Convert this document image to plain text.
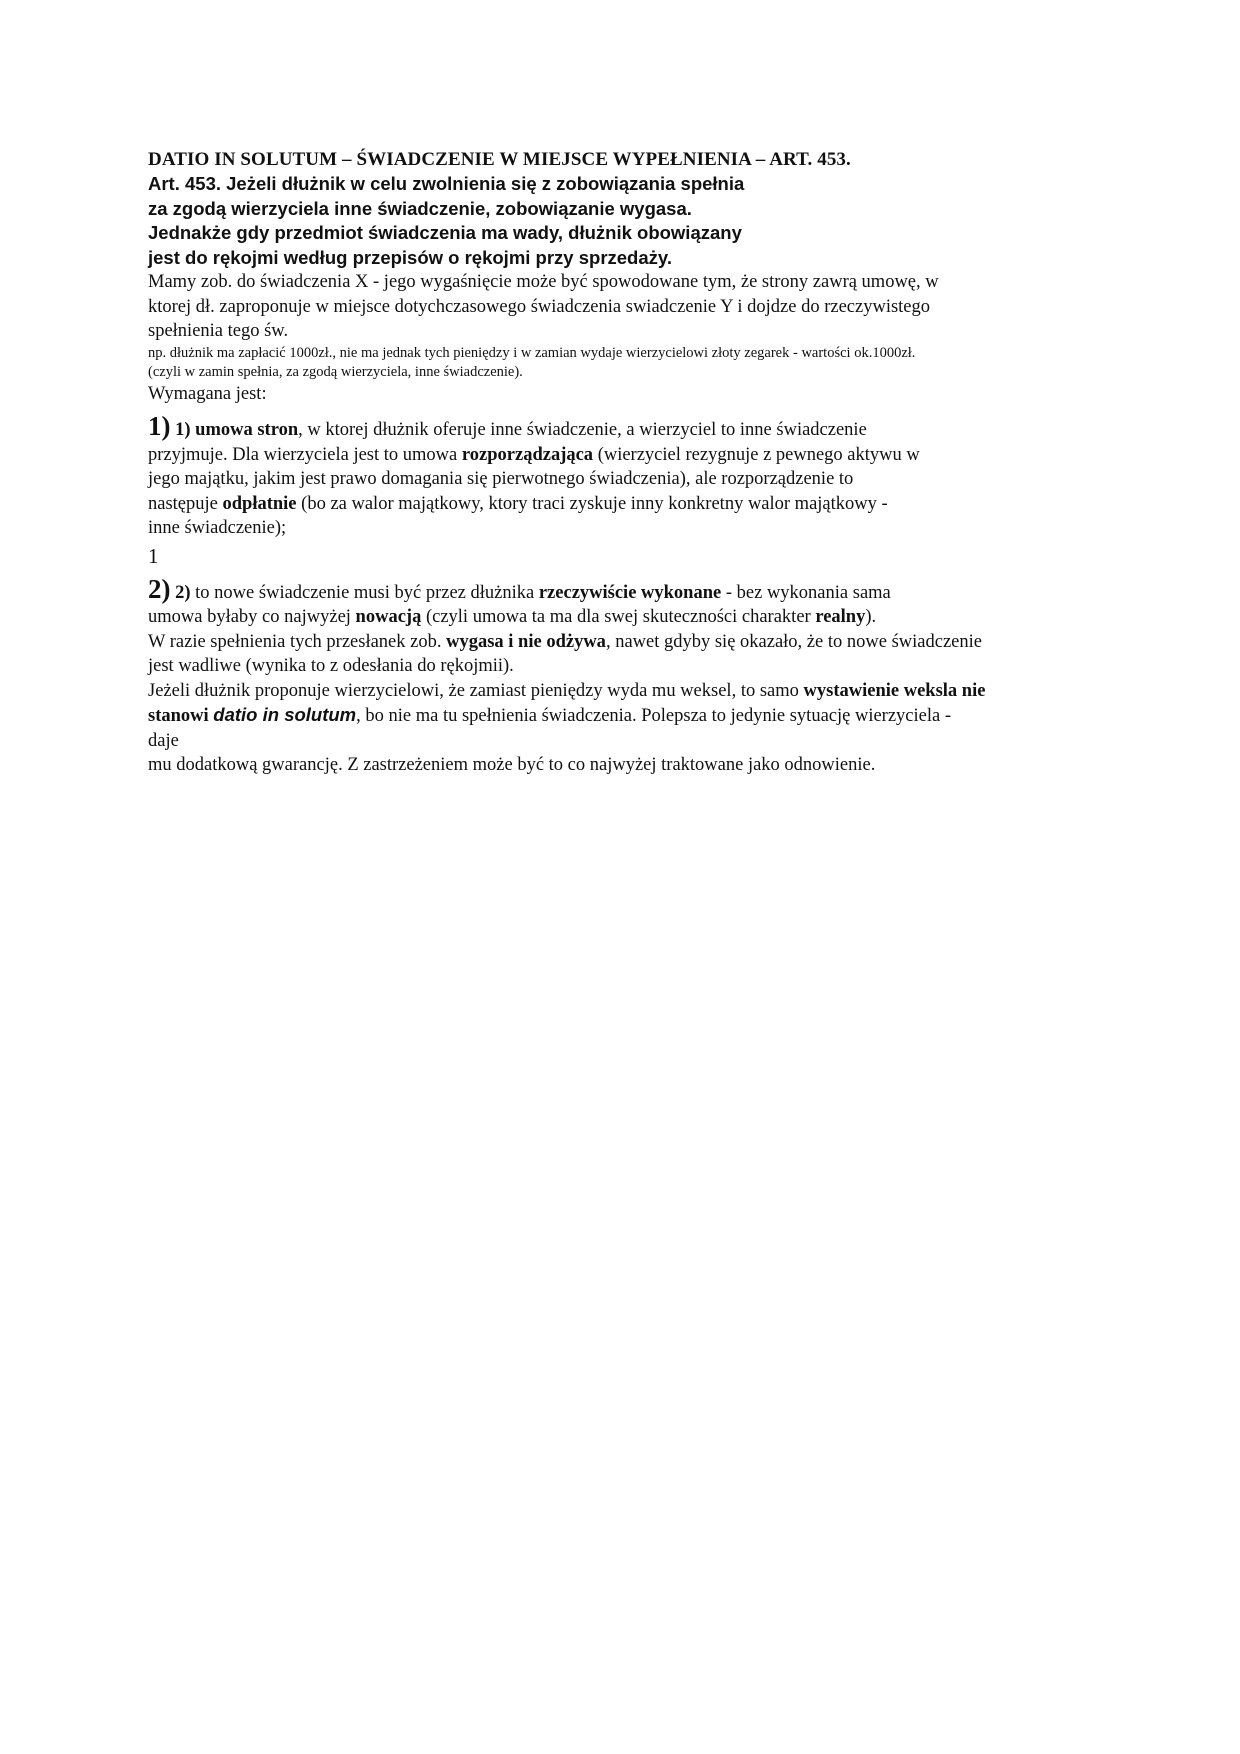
DATIO IN SOLUTUM – ŚWIADCZENIE W MIEJSCE WYPEŁNIENIA – ART. 453.
Art. 453. Jeżeli dłużnik w celu zwolnienia się z zobowiązania spełnia
za zgodą wierzyciela inne świadczenie, zobowiązanie wygasa.
Jednakże gdy przedmiot świadczenia ma wady, dłużnik obowiązany
jest do rękojmi według przepisów o rękojmi przy sprzedaży.
Mamy zob. do świadczenia X - jego wygaśnięcie może być spowodowane tym, że strony zawrą umowę, w
ktorej dł. zaproponuje w miejsce dotychczasowego świadczenia swiadczenie Y i dojdze do rzeczywistego
spełnienia tego św.
np. dłużnik ma zapłacić 1000zł., nie ma jednak tych pieniędzy i w zamian wydaje wierzycielowi złoty zegarek - wartości ok.1000zł.
(czyli w zamin spełnia, za zgodą wierzyciela, inne świadczenie).
Wymagana jest:
1) 1) umowa stron, w ktorej dłużnik oferuje inne świadczenie, a wierzyciel to inne świadczenie
przyjmuje. Dla wierzyciela jest to umowa rozporządzająca (wierzyciel rezygnuje z pewnego aktywu w
jego majątku, jakim jest prawo domagania się pierwotnego świadczenia), ale rozporządzenie to
następuje odpłatnie (bo za walor majątkowy, ktory traci zyskuje inny konkretny walor majątkowy -
inne świadczenie);
1
2) 2) to nowe świadczenie musi być przez dłużnika rzeczywiście wykonane - bez wykonania sama
umowa byłaby co najwyżej nowacją (czyli umowa ta ma dla swej skuteczności charakter realny).
W razie spełnienia tych przesłanek zob. wygasa i nie odżywa, nawet gdyby się okazało, że to nowe świadczenie
jest wadliwe (wynika to z odesłania do rękojmii).
Jeżeli dłużnik proponuje wierzycielowi, że zamiast pieniędzy wyda mu weksel, to samo wystawienie weksla nie
stanowi datio in solutum, bo nie ma tu spełnienia świadczenia. Polepsza to jedynie sytuację wierzyciela -
daje
mu dodatkową gwarancję. Z zastrzeżeniem może być to co najwyżej traktowane jako odnowienie.
